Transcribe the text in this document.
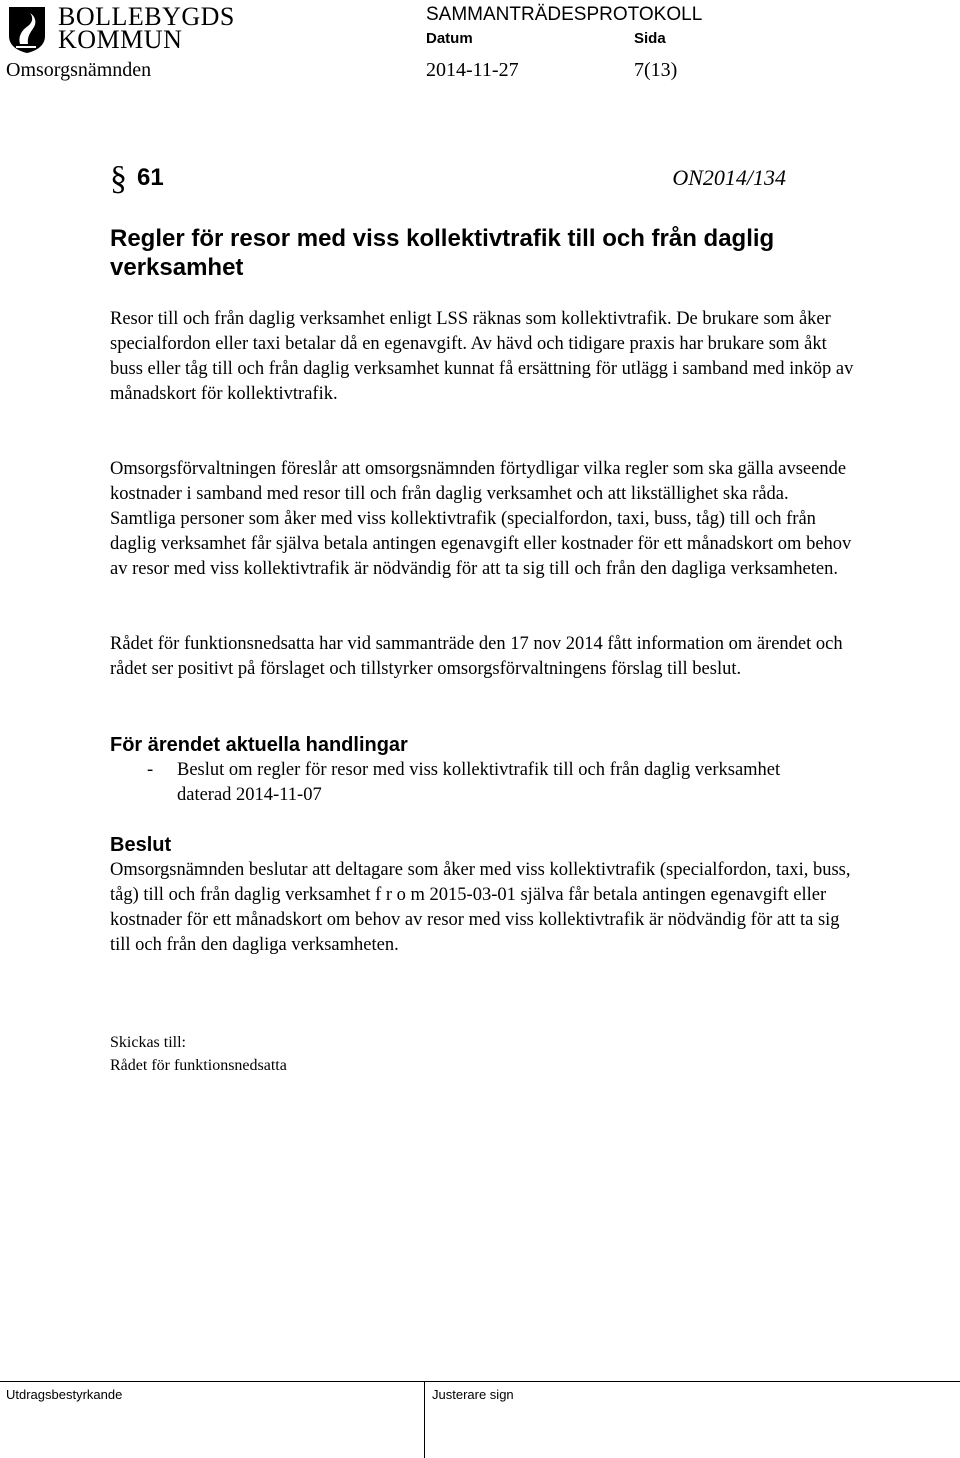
BOLLEBYGDS
KOMMUN
SAMMANTRÄDESPROTOKOLL
Datum	Sida
Omsorgsnämnden	2014-11-27	7(13)
§ 61	ON2014/134
Regler för resor med viss kollektivtrafik till och från daglig verksamhet
Resor till och från daglig verksamhet enligt LSS räknas som kollektivtrafik. De brukare som åker specialfordon eller taxi betalar då en egenavgift. Av hävd och tidigare praxis har brukare som åkt buss eller tåg till och från daglig verksamhet kunnat få ersättning för utlägg i samband med inköp av månadskort för kollektivtrafik.
Omsorgsförvaltningen föreslår att omsorgsnämnden förtydligar vilka regler som ska gälla avseende kostnader i samband med resor till och från daglig verksamhet och att likställighet ska råda. Samtliga personer som åker med viss kollektivtrafik (specialfordon, taxi, buss, tåg) till och från daglig verksamhet får själva betala antingen egenavgift eller kostnader för ett månadskort om behov av resor med viss kollektivtrafik är nödvändig för att ta sig till och från den dagliga verksamheten.
Rådet för funktionsnedsatta har vid sammanträde den 17 nov 2014 fått information om ärendet och rådet ser positivt på förslaget och tillstyrker omsorgsförvaltningens förslag till beslut.
För ärendet aktuella handlingar
- Beslut om regler för resor med viss kollektivtrafik till och från daglig verksamhet daterad 2014-11-07
Beslut
Omsorgsnämnden beslutar att deltagare som åker med viss kollektivtrafik (specialfordon, taxi, buss, tåg) till och från daglig verksamhet f r o m 2015-03-01 själva får betala antingen egenavgift eller kostnader för ett månadskort om behov av resor med viss kollektivtrafik är nödvändig för att ta sig till och från den dagliga verksamheten.
Skickas till:
Rådet för funktionsnedsatta
Utdragsbestyrkande	Justerare sign
